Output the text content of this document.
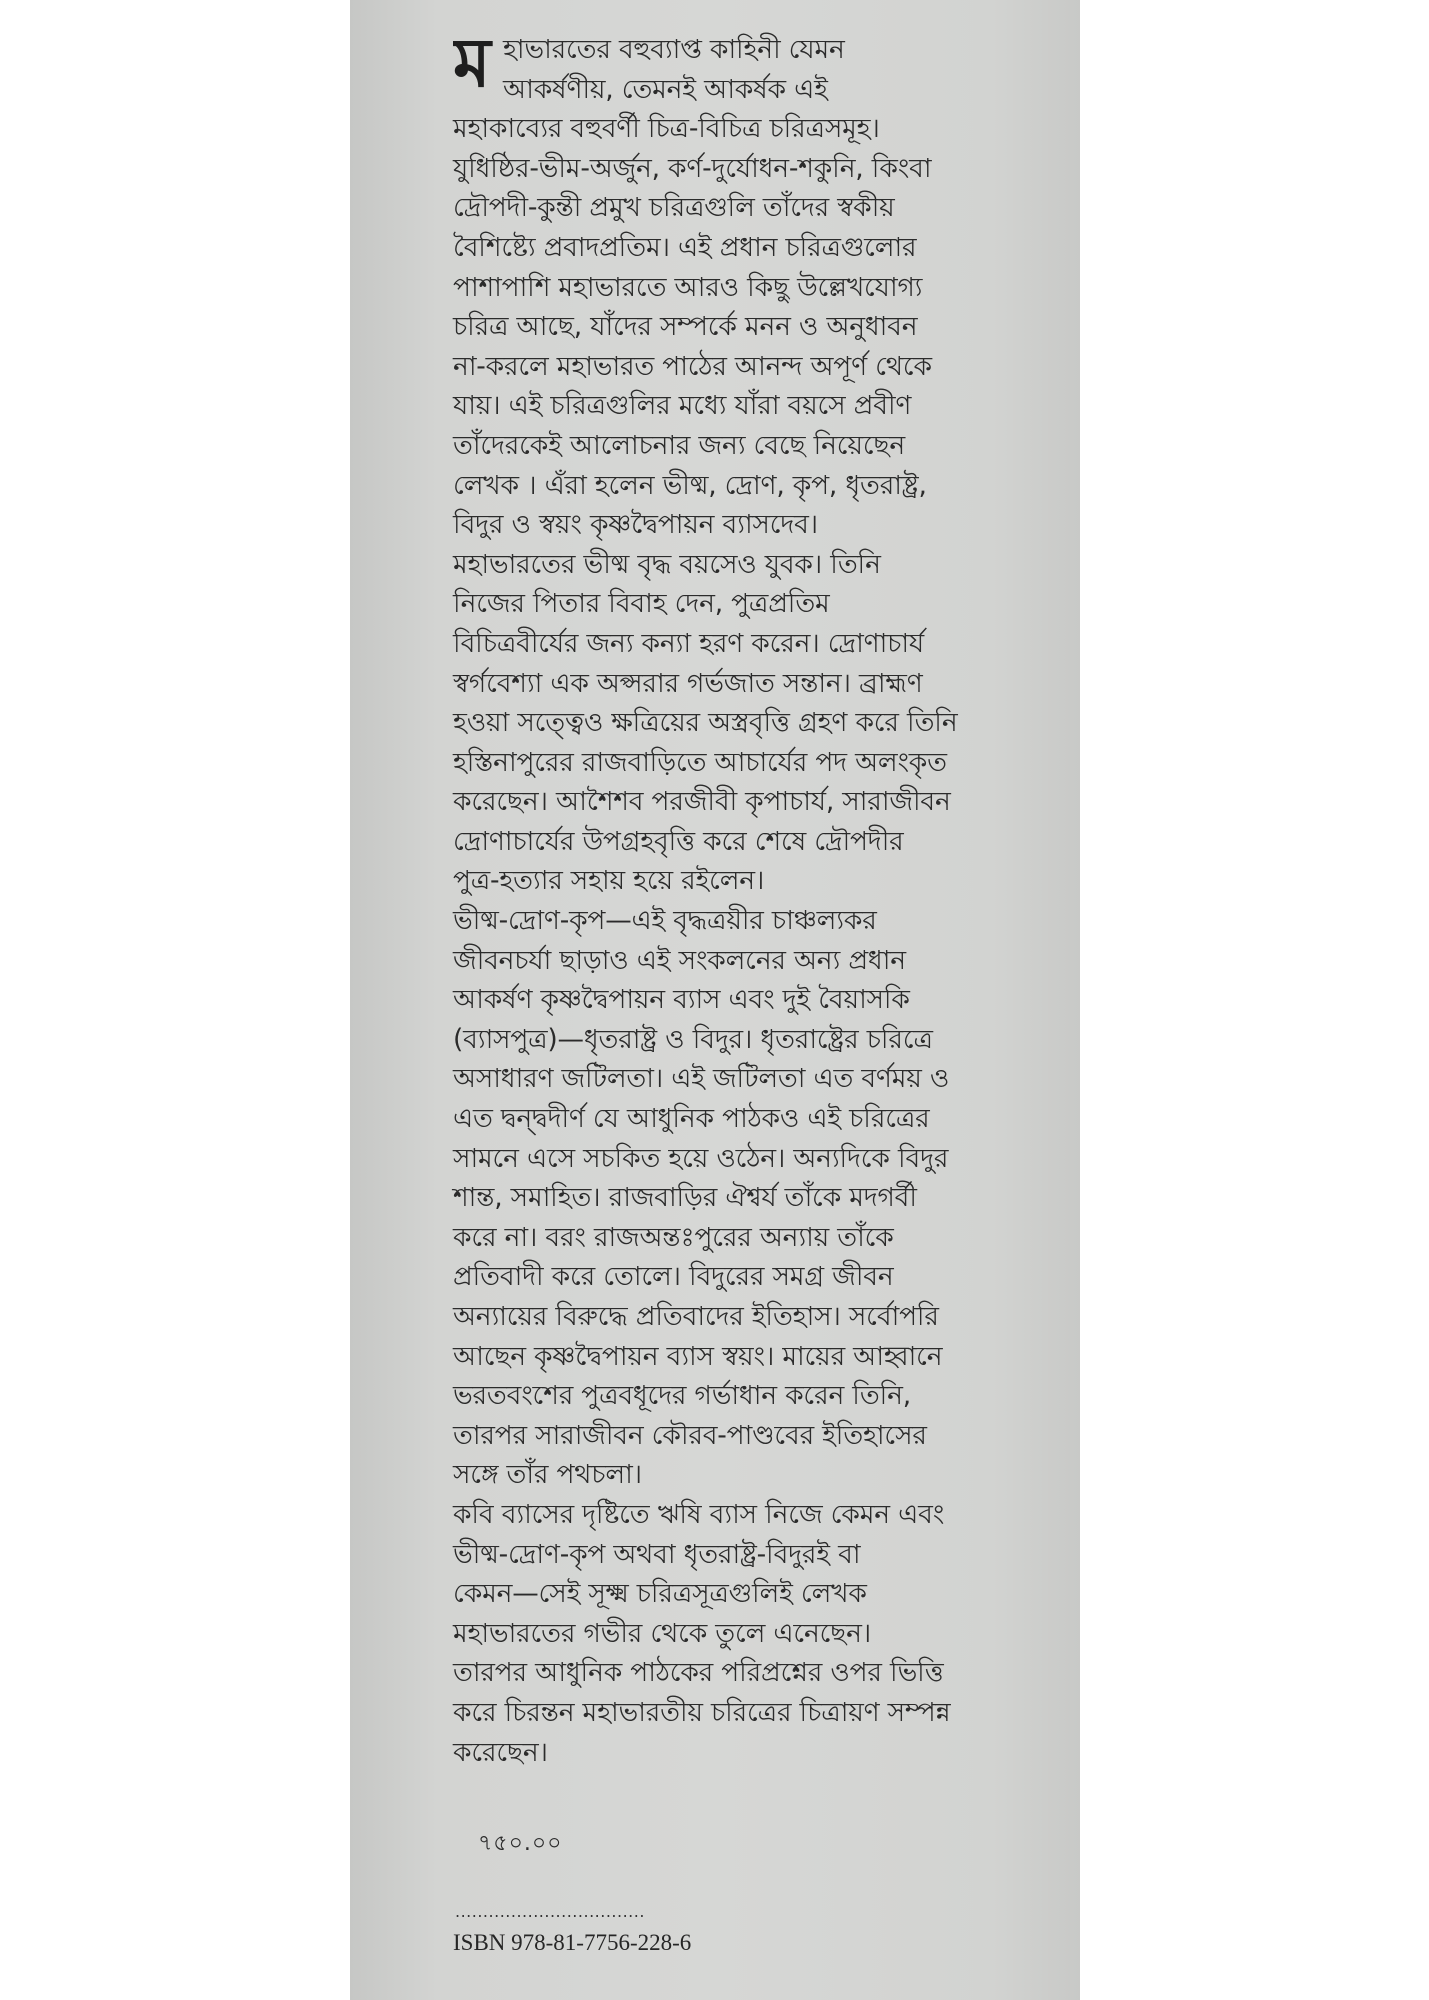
ম হাভারতের বহুব্যাপ্ত কাহিনী যেমন
আকর্ষণীয়, তেমনই আকর্ষক এই
মহাকাব্যের বহুবর্ণী চিত্র-বিচিত্র চরিত্রসমূহ।
যুধিষ্ঠির-ভীম-অর্জুন, কর্ণ-দুর্যোধন-শকুনি, কিংবা
দ্রৌপদী-কুন্তী প্রমুখ চরিত্রগুলি তাঁদের স্বকীয়
বৈশিষ্ট্যে প্রবাদপ্রতিম। এই প্রধান চরিত্রগুলোর
পাশাপাশি মহাভারতে আরও কিছু উল্লেখযোগ্য
চরিত্র আছে, যাঁদের সম্পর্কে মনন ও অনুধাবন
না-করলে মহাভারত পাঠের আনন্দ অপূর্ণ থেকে
যায়। এই চরিত্রগুলির মধ্যে যাঁরা বয়সে প্রবীণ
তাঁদেরকেই আলোচনার জন্য বেছে নিয়েছেন
লেখক । এঁরা হলেন ভীষ্ম, দ্রোণ, কৃপ, ধৃতরাষ্ট্র,
বিদুর ও স্বয়ং কৃষ্ণদ্বৈপায়ন ব্যাসদেব।
মহাভারতের ভীষ্ম বৃদ্ধ বয়সেও যুবক। তিনি
নিজের পিতার বিবাহ দেন, পুত্রপ্রতিম
বিচিত্রবীর্যের জন্য কন্যা হরণ করেন। দ্রোণাচার্য
স্বর্গবেশ্যা এক অপ্সরার গর্ভজাত সন্তান। ব্রাহ্মণ
হওয়া সত্ত্বেও ক্ষত্রিয়ের অস্ত্রবৃত্তি গ্রহণ করে তিনি
হস্তিনাপুরের রাজবাড়িতে আচার্যের পদ অলংকৃত
করেছেন। আশৈশব পরজীবী কৃপাচার্য, সারাজীবন
দ্রোণাচার্যের উপগ্রহবৃত্তি করে শেষে দ্রৌপদীর
পুত্র-হত্যার সহায় হয়ে রইলেন।
ভীষ্ম-দ্রোণ-কৃপ—এই বৃদ্ধত্রয়ীর চাঞ্চল্যকর
জীবনচর্যা ছাড়াও এই সংকলনের অন্য প্রধান
আকর্ষণ কৃষ্ণদ্বৈপায়ন ব্যাস এবং দুই বৈয়াসকি
(ব্যাসপুত্র)—ধৃতরাষ্ট্র ও বিদুর। ধৃতরাষ্ট্রের চরিত্রে
অসাধারণ জটিলতা। এই জটিলতা এত বর্ণময় ও
এত দ্বন্দ্বদীর্ণ যে আধুনিক পাঠকও এই চরিত্রের
সামনে এসে সচকিত হয়ে ওঠেন। অন্যদিকে বিদুর
শান্ত, সমাহিত। রাজবাড়ির ঐশ্বর্য তাঁকে মদগর্বী
করে না। বরং রাজঅন্তঃপুরের অন্যায় তাঁকে
প্রতিবাদী করে তোলে। বিদুরের সমগ্র জীবন
অন্যায়ের বিরুদ্ধে প্রতিবাদের ইতিহাস। সর্বোপরি
আছেন কৃষ্ণদ্বৈপায়ন ব্যাস স্বয়ং। মায়ের আহ্বানে
ভরতবংশের পুত্রবধূদের গর্ভাধান করেন তিনি,
তারপর সারাজীবন কৌরব-পাণ্ডবের ইতিহাসের
সঙ্গে তাঁর পথচলা।
কবি ব্যাসের দৃষ্টিতে ঋষি ব্যাস নিজে কেমন এবং
ভীষ্ম-দ্রোণ-কৃপ অথবা ধৃতরাষ্ট্র-বিদুরই বা
কেমন—সেই সূক্ষ্ম চরিত্রসূত্রগুলিই লেখক
মহাভারতের গভীর থেকে তুলে এনেছেন।
তারপর আধুনিক পাঠকের পরিপ্রশ্নের ওপর ভিত্তি
করে চিরন্তন মহাভারতীয় চরিত্রের চিত্রায়ণ সম্পন্ন
করেছেন।
৭৫০.০০
..................................
ISBN 978-81-7756-228-6
